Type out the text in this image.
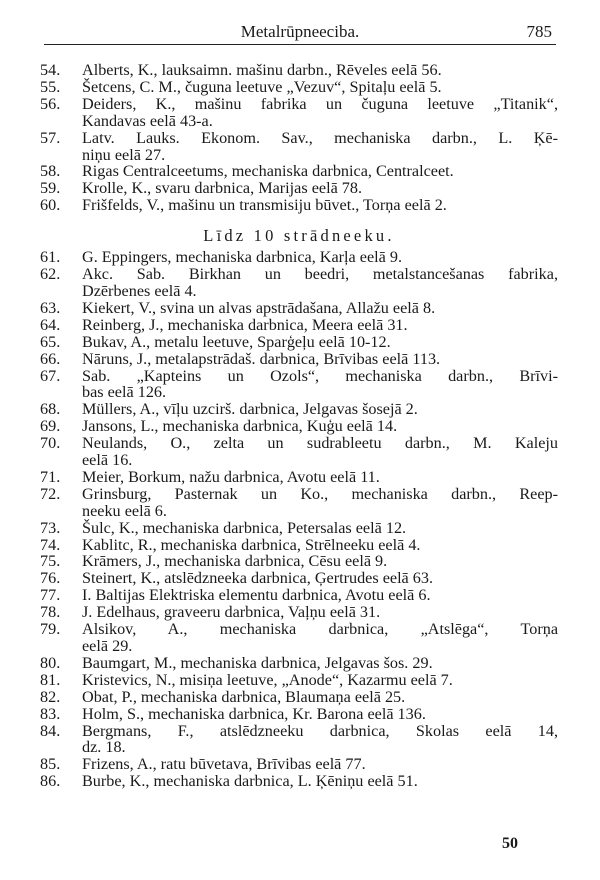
Metalrūpneeciba.	785
54.	Alberts, K., lauksaimn. mašinu darbn., Rēveles eelā 56.
55.	Šetcens, C. M., čuguna leetuve „Vezuv“, Spitaļu eelā 5.
56.	Deiders, K., mašinu fabrika un čuguna leetuve „Titanik“,
Kandavas eelā 43-a.
57.	Latv. Lauks. Ekonom. Sav., mechaniska darbn., L. Ķē-
niņu eelā 27.
58.	Rigas Centralceetums, mechaniska darbnica, Centralceet.
59.	Krolle, K., svaru darbnica, Marijas eelā 78.
60.	Frišfelds, V., mašinu un transmisiju būvet., Torņa eelā 2.
Līdz 10 strādneeku.
61.	G. Eppingers, mechaniska darbnica, Karļa eelā 9.
62.	Akc. Sab. Birkhan un beedri, metalstancešanas fabrika,
Dzērbenes eelā 4.
63.	Kiekert, V., svina un alvas apstrādašana, Allažu eelā 8.
64.	Reinberg, J., mechaniska darbnica, Meera eelā 31.
65.	Bukav, A., metalu leetuve, Sparģeļu eelā 10-12.
66.	Nāruns, J., metalapstrādaš. darbnica, Brīvibas eelā 113.
67.	Sab. „Kapteins un Ozols“, mechaniska darbn., Brīvi-
bas eelā 126.
68.	Müllers, A., vīļu uzcirš. darbnica, Jelgavas šosejā 2.
69.	Jansons, L., mechaniska darbnica, Kuģu eelā 14.
70.	Neulands, O., zelta un sudrableetu darbn., M. Kaleju
eelā 16.
71.	Meier, Borkum, nažu darbnica, Avotu eelā 11.
72.	Grinsburg, Pasternak un Ko., mechaniska darbn., Reep-
neeku eelā 6.
73.	Šulc, K., mechaniska darbnica, Petersalas eelā 12.
74.	Kablitc, R., mechaniska darbnica, Strēlneeku eelā 4.
75.	Krāmers, J., mechaniska darbnica, Cēsu eelā 9.
76.	Steinert, K., atslēdzneeka darbnica, Ģertrudes eelā 63.
77.	I. Baltijas Elektriska elementu darbnica, Avotu eelā 6.
78.	J. Edelhaus, graveeru darbnica, Vaļņu eelā 31.
79.	Alsikov, A., mechaniska darbnica, „Atslēga“, Torņa
eelā 29.
80.	Baumgart, M., mechaniska darbnica, Jelgavas šos. 29.
81.	Kristevics, N., misiņa leetuve, „Anode“, Kazarmu eelā 7.
82.	Obat, P., mechaniska darbnica, Blaumaņa eelā 25.
83.	Holm, S., mechaniska darbnica, Kr. Barona eelā 136.
84.	Bergmans, F., atslēdzneeku darbnica, Skolas eelā 14,
dz. 18.
85.	Frizens, A., ratu būvetava, Brīvibas eelā 77.
86.	Burbe, K., mechaniska darbnica, L. Ķēniņu eelā 51.
50
